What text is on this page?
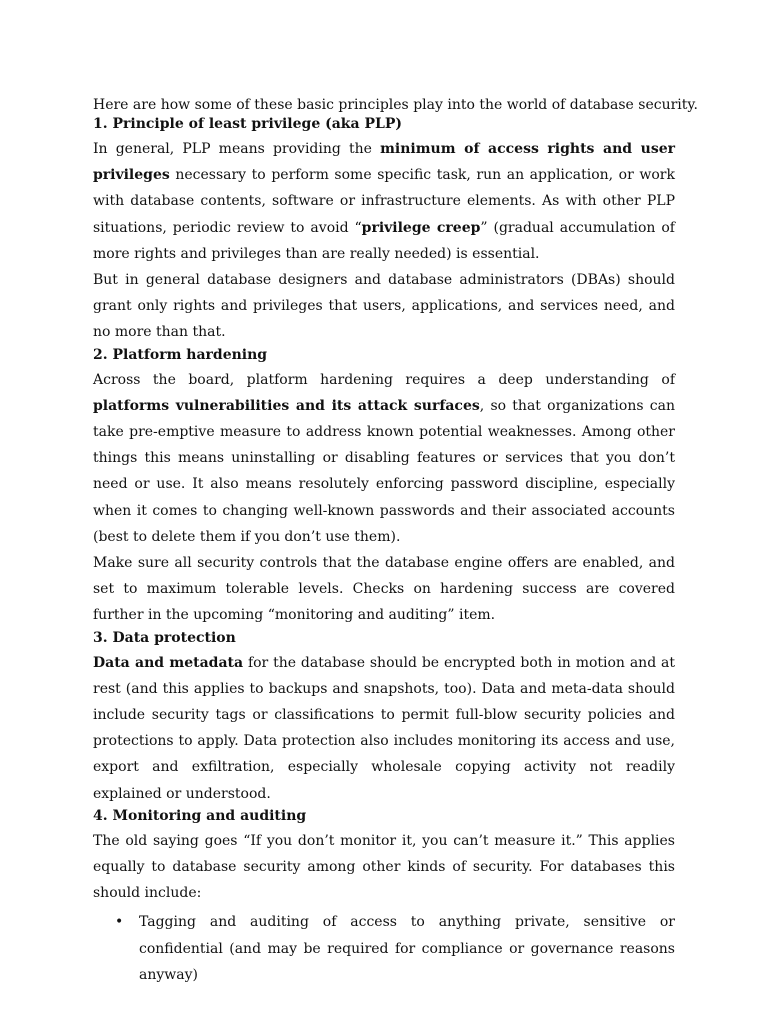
Here are how some of these basic principles play into the world of database security.

1. Principle of least privilege (aka PLP)

In general, PLP means providing the minimum of access rights and user privileges necessary to perform some specific task, run an application, or work with database contents, software or infrastructure elements. As with other PLP situations, periodic review to avoid “privilege creep” (gradual accumulation of more rights and privileges than are really needed) is essential.

But in general database designers and database administrators (DBAs) should grant only rights and privileges that users, applications, and services need, and no more than that.

2. Platform hardening

Across the board, platform hardening requires a deep understanding of platforms vulnerabilities and its attack surfaces, so that organizations can take pre-emptive measure to address known potential weaknesses. Among other things this means uninstalling or disabling features or services that you don’t need or use. It also means resolutely enforcing password discipline, especially when it comes to changing well-known passwords and their associated accounts (best to delete them if you don’t use them).

Make sure all security controls that the database engine offers are enabled, and set to maximum tolerable levels. Checks on hardening success are covered further in the upcoming “monitoring and auditing” item.

3. Data protection

Data and metadata for the database should be encrypted both in motion and at rest (and this applies to backups and snapshots, too). Data and meta-data should include security tags or classifications to permit full-blow security policies and protections to apply. Data protection also includes monitoring its access and use, export and exfiltration, especially wholesale copying activity not readily explained or understood.

4. Monitoring and auditing

The old saying goes “If you don’t monitor it, you can’t measure it.” This applies equally to database security among other kinds of security. For databases this should include:

• Tagging and auditing of access to anything private, sensitive or confidential (and may be required for compliance or governance reasons anyway)
